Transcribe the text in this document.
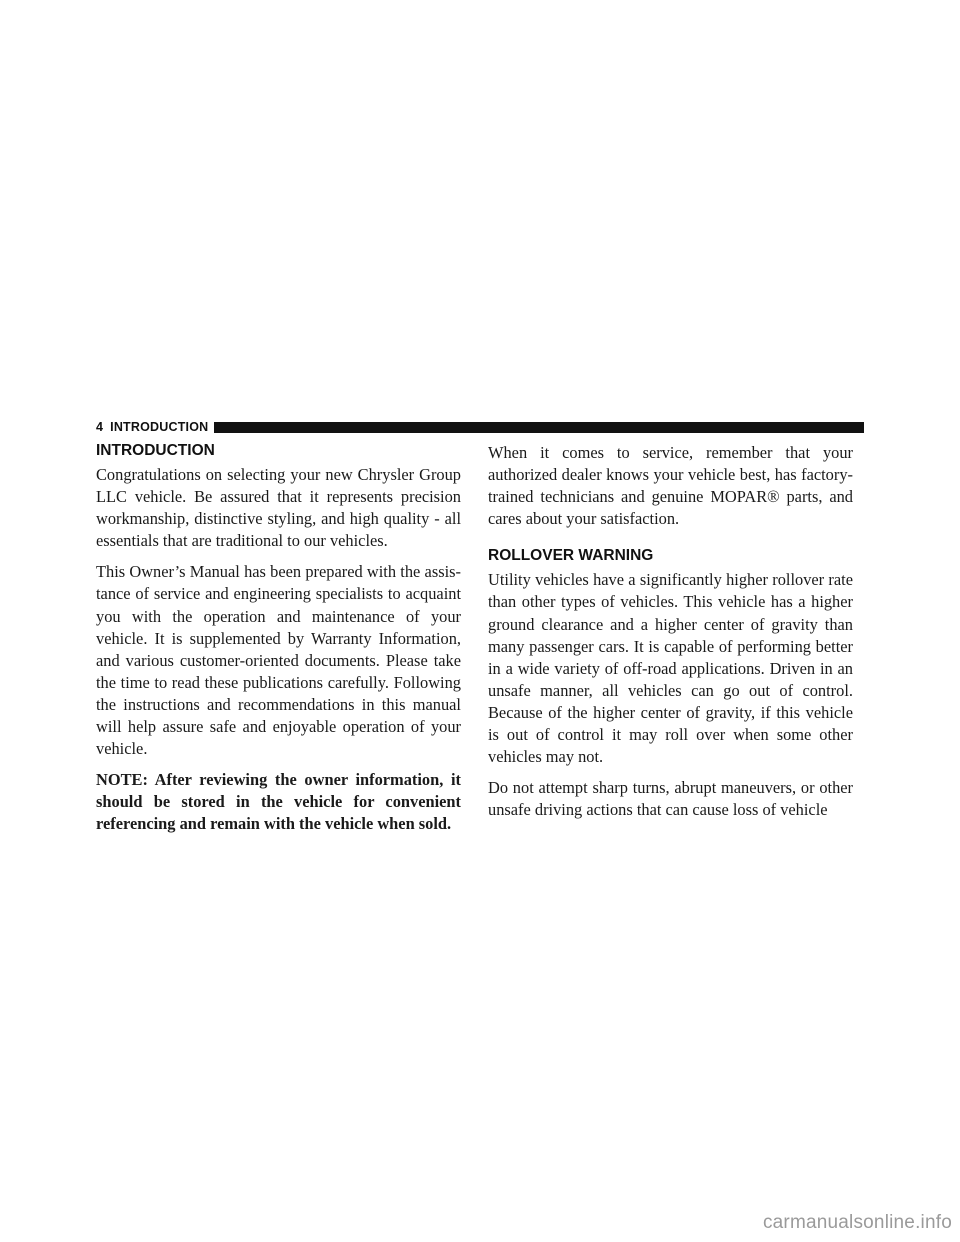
4 INTRODUCTION
INTRODUCTION

Congratulations on selecting your new Chrysler Group LLC vehicle. Be assured that it represents precision workmanship, distinctive styling, and high quality - all essentials that are traditional to our vehicles.

This Owner’s Manual has been prepared with the assistance of service and engineering specialists to acquaint you with the operation and maintenance of your vehicle. It is supplemented by Warranty Information, and various customer-oriented documents. Please take the time to read these publications carefully. Following the instructions and recommendations in this manual will help assure safe and enjoyable operation of your vehicle.

NOTE: After reviewing the owner information, it should be stored in the vehicle for convenient referencing and remain with the vehicle when sold.

When it comes to service, remember that your authorized dealer knows your vehicle best, has factory-trained technicians and genuine MOPAR® parts, and cares about your satisfaction.

ROLLOVER WARNING

Utility vehicles have a significantly higher rollover rate than other types of vehicles. This vehicle has a higher ground clearance and a higher center of gravity than many passenger cars. It is capable of performing better in a wide variety of off-road applications. Driven in an unsafe manner, all vehicles can go out of control. Because of the higher center of gravity, if this vehicle is out of control it may roll over when some other vehicles may not.

Do not attempt sharp turns, abrupt maneuvers, or other unsafe driving actions that can cause loss of vehicle

carmanualsonline.info
